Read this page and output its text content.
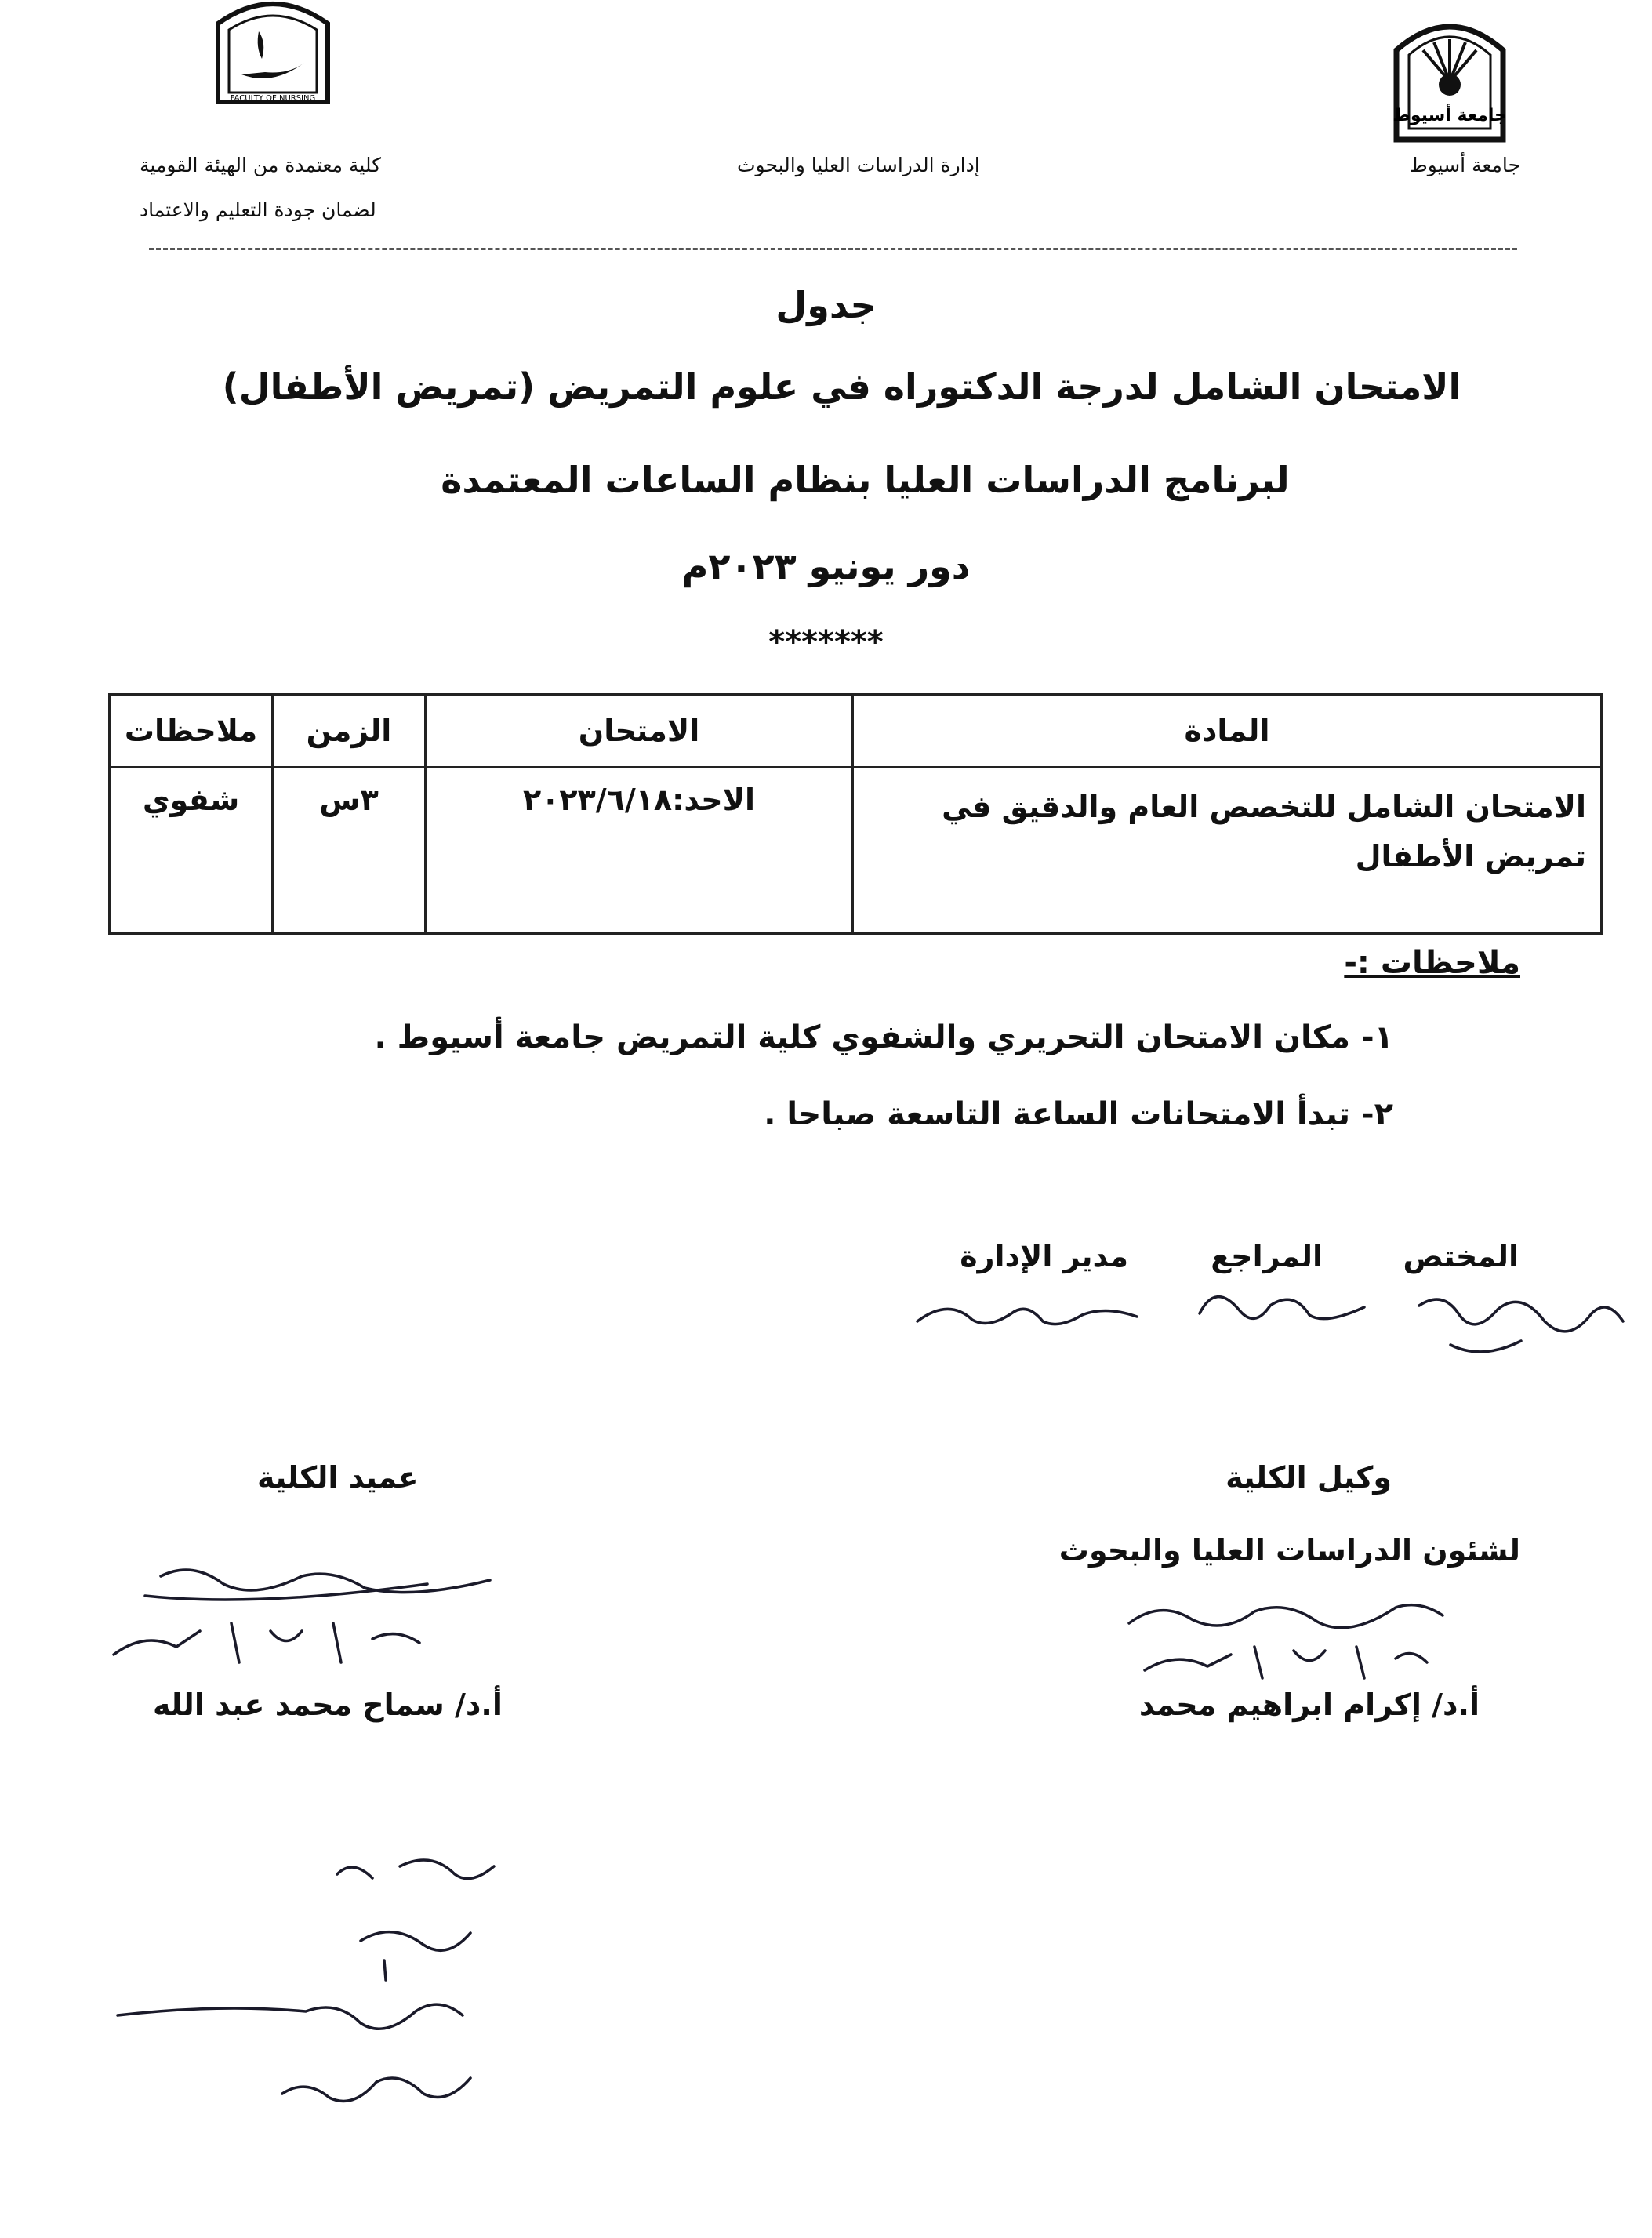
FACULTY OF NURSING
جامعة أسيوط
جامعة أسيوط
إدارة الدراسات العليا والبحوث
كلية معتمدة من الهيئة القومية
لضمان جودة التعليم والاعتماد
جدول
الامتحان الشامل لدرجة الدكتوراه في علوم التمريض (تمريض الأطفال)
لبرنامج الدراسات العليا بنظام الساعات المعتمدة
دور يونيو ٢٠٢٣م
*******
المادة	الامتحان	الزمن	ملاحظات

الامتحان الشامل للتخصص العام والدقيق في
تمريض الأطفال	الاحد:٢٠٢٣/٦/١٨	٣س	شفوي
ملاحظات :-
١- مكان الامتحان التحريري والشفوي كلية التمريض جامعة أسيوط .
٢- تبدأ الامتحانات الساعة التاسعة صباحا .
المختص
المراجع
مدير الإدارة
وكيل الكلية
لشئون الدراسات العليا والبحوث
أ.د/ إكرام ابراهيم محمد
عميد الكلية
أ.د/ سماح محمد عبد الله
